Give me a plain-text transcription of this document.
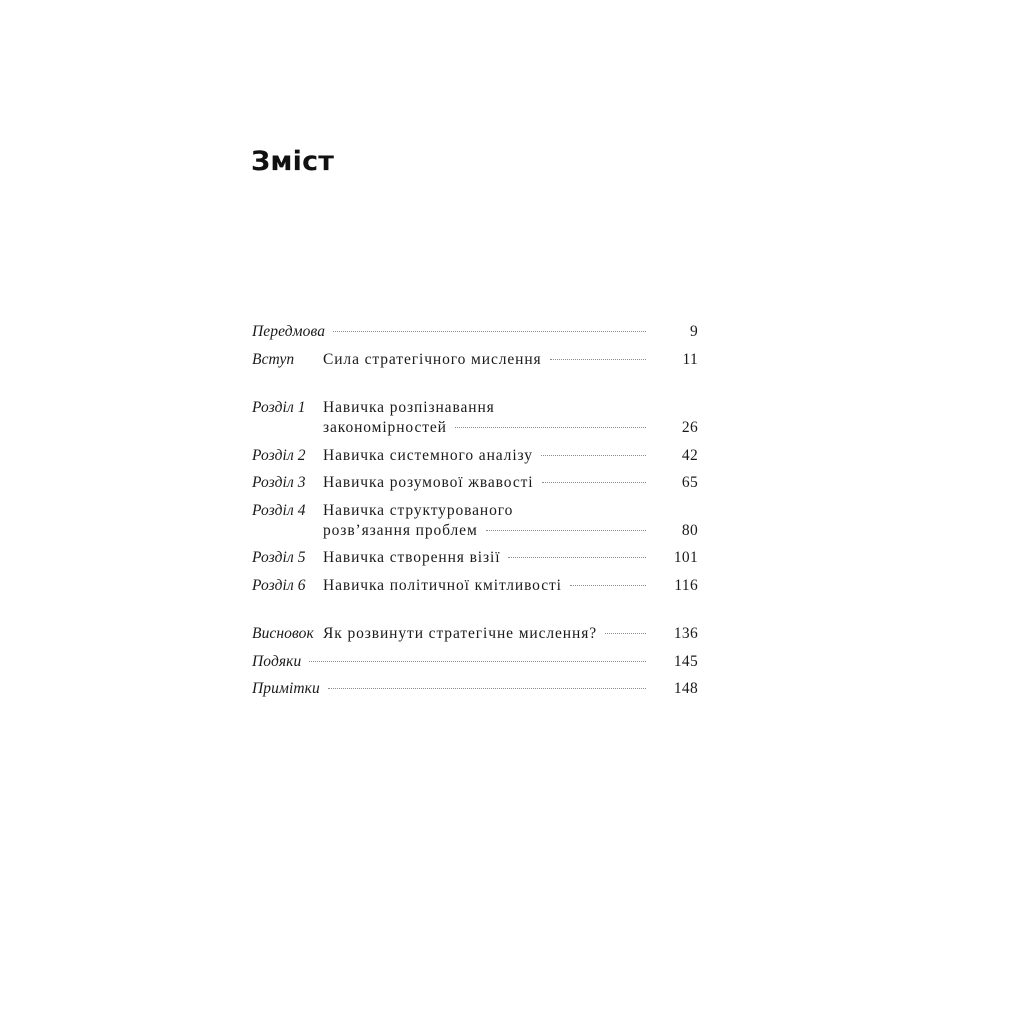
Зміст
Передмова	9
Вступ	Сила стратегічного мислення	11
Розділ 1	Навичка розпізнавання
закономірностей	26
Розділ 2	Навичка системного аналізу	42
Розділ 3	Навичка розумової жвавості	65
Розділ 4	Навичка структурованого
розв’язання проблем	80
Розділ 5	Навичка створення візії	101
Розділ 6	Навичка політичної кмітливості	116
Висновок Як розвинути стратегічне мислення?	136
Подяки	145
Примітки	148
